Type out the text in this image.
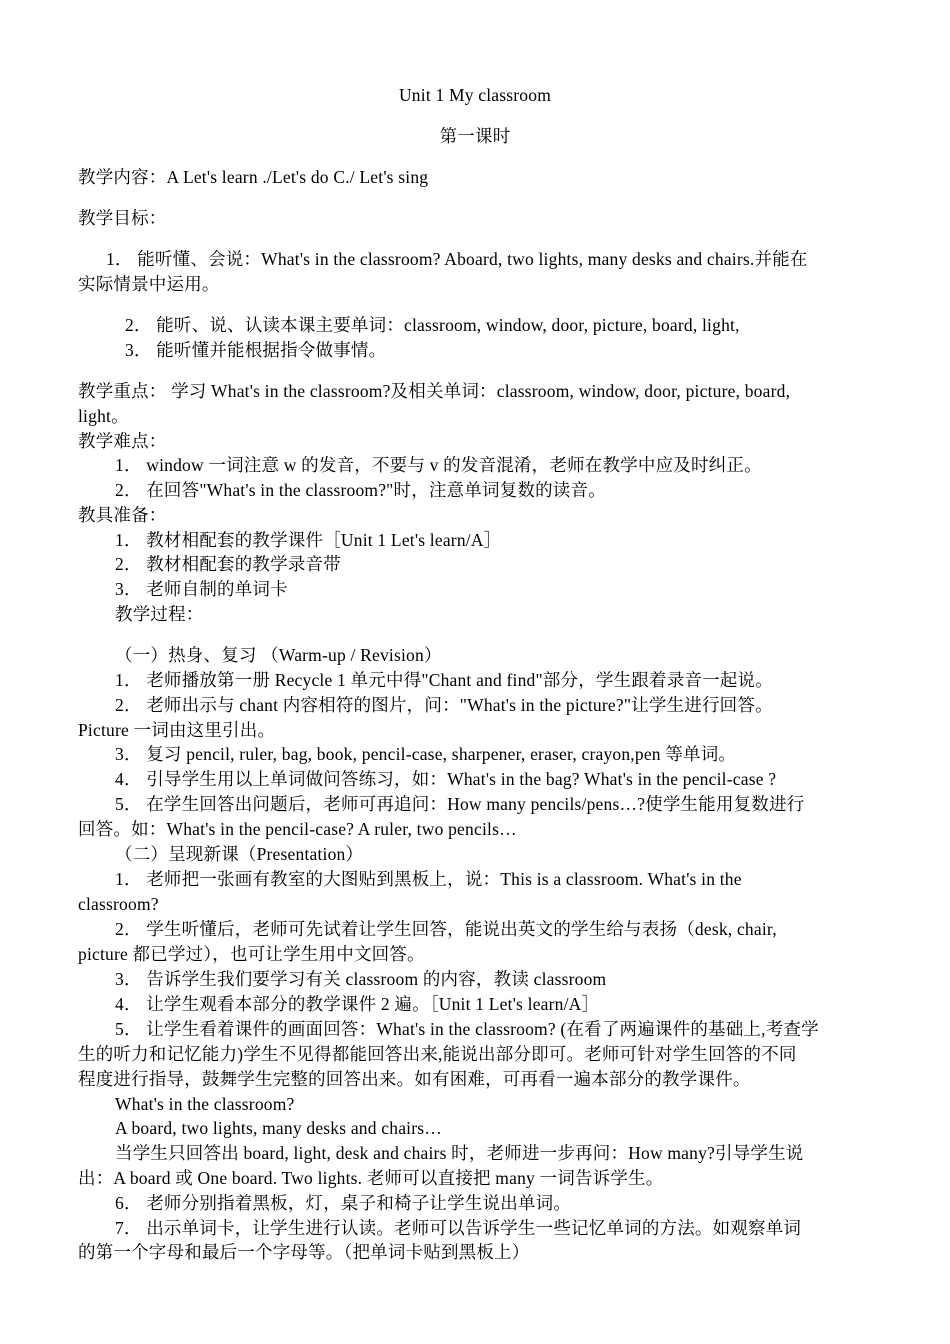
Unit 1 My classroom
第一课时
教学内容：A Let's learn ./Let's do C./ Let's sing
教学目标：
1． 能听懂、会说：What's in the classroom? Aboard, two lights, many desks and chairs.并能在
实际情景中运用。
2． 能听、说、认读本课主要单词：classroom, window, door, picture, board, light,
3． 能听懂并能根据指令做事情。
教学重点： 学习 What's in the classroom?及相关单词：classroom, window, door, picture, board,
light。
教学难点：
1． window 一词注意 w 的发音，不要与 v 的发音混淆，老师在教学中应及时纠正。
2． 在回答"What's in the classroom?"时，注意单词复数的读音。
教具准备：
1． 教材相配套的教学课件［Unit 1 Let's learn/A］
2． 教材相配套的教学录音带
3． 老师自制的单词卡
教学过程：
（一）热身、复习 （Warm-up / Revision）
1． 老师播放第一册 Recycle 1 单元中得"Chant and find"部分，学生跟着录音一起说。
2． 老师出示与 chant 内容相符的图片，问："What's in the picture?"让学生进行回答。
Picture 一词由这里引出。
3． 复习 pencil, ruler, bag, book, pencil-case, sharpener, eraser, crayon,pen 等单词。
4． 引导学生用以上单词做问答练习，如：What's in the bag? What's in the pencil-case ?
5． 在学生回答出问题后，老师可再追问：How many pencils/pens…?使学生能用复数进行
回答。如：What's in the pencil-case? A ruler, two pencils…
（二）呈现新课（Presentation）
1． 老师把一张画有教室的大图贴到黑板上，说：This is a classroom. What's in the
classroom?
2． 学生听懂后，老师可先试着让学生回答，能说出英文的学生给与表扬（desk, chair,
picture 都已学过），也可让学生用中文回答。
3． 告诉学生我们要学习有关 classroom 的内容，教读 classroom
4． 让学生观看本部分的教学课件 2 遍。［Unit 1 Let's learn/A］
5． 让学生看着课件的画面回答：What's in the classroom? (在看了两遍课件的基础上,考查学
生的听力和记忆能力)学生不见得都能回答出来,能说出部分即可。老师可针对学生回答的不同
程度进行指导，鼓舞学生完整的回答出来。如有困难，可再看一遍本部分的教学课件。
What's in the classroom?
A board, two lights, many desks and chairs…
当学生只回答出 board, light, desk and chairs 时，老师进一步再问：How many?引导学生说
出：A board 或 One board. Two lights. 老师可以直接把 many 一词告诉学生。
6． 老师分别指着黑板，灯，桌子和椅子让学生说出单词。
7． 出示单词卡，让学生进行认读。老师可以告诉学生一些记忆单词的方法。如观察单词
的第一个字母和最后一个字母等。（把单词卡贴到黑板上）
